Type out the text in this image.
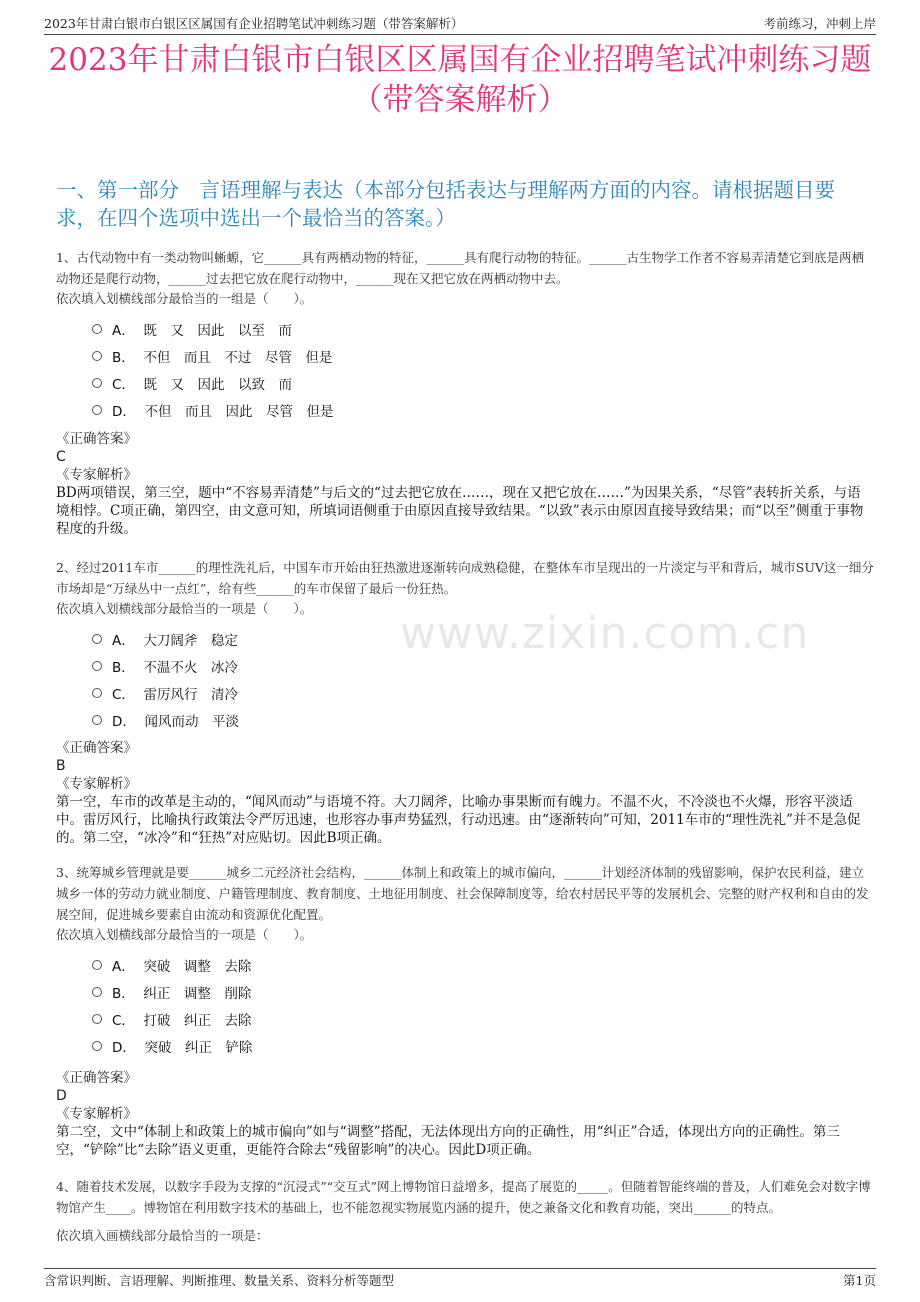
2023年甘肃白银市白银区区属国有企业招聘笔试冲刺练习题（带答案解析）	考前练习，冲刺上岸
2023年甘肃白银市白银区区属国有企业招聘笔试冲刺练习题
（带答案解析）
一、第一部分　言语理解与表达（本部分包括表达与理解两方面的内容。请根据题目要求，在四个选项中选出一个最恰当的答案。）
1、古代动物中有一类动物叫蜥螈，它______具有两栖动物的特征，______具有爬行动物的特征。______古生物学工作者不容易弄清楚它到底是两栖动物还是爬行动物，______过去把它放在爬行动物中，______现在又把它放在两栖动物中去。
依次填入划横线部分最恰当的一组是（　　）。
A．  既　又　因此　以至　而
B．  不但　而且　不过　尽管　但是
C．  既　又　因此　以致　而
D．  不但　而且　因此　尽管　但是
《正确答案》
C
《专家解析》
BD两项错误，第三空，题中“不容易弄清楚”与后文的“过去把它放在……，现在又把它放在……”为因果关系，“尽管”表转折关系，与语境相悖。C项正确，第四空，由文意可知，所填词语侧重于由原因直接导致结果。“以致”表示由原因直接导致结果；而“以至”侧重于事物程度的升级。
2、经过2011车市______的理性洗礼后，中国车市开始由狂热激进逐渐转向成熟稳健，在整体车市呈现出的一片淡定与平和背后，城市SUV这一细分市场却是“万绿丛中一点红”，给有些______的车市保留了最后一份狂热。
依次填入划横线部分最恰当的一项是（　　）。
A．  大刀阔斧　稳定
B．  不温不火　冰冷
C．  雷厉风行　清冷
D．  闻风而动　平淡
《正确答案》
B
《专家解析》
第一空，车市的改革是主动的，“闻风而动”与语境不符。大刀阔斧，比喻办事果断而有魄力。不温不火，不冷淡也不火爆，形容平淡适中。雷厉风行，比喻执行政策法令严厉迅速，也形容办事声势猛烈，行动迅速。由“逐渐转向”可知，2011车市的“理性洗礼”并不是急促的。第二空，“冰冷”和“狂热”对应贴切。因此B项正确。
3、统筹城乡管理就是要______城乡二元经济社会结构，______体制上和政策上的城市偏向，______计划经济体制的残留影响，保护农民利益，建立城乡一体的劳动力就业制度、户籍管理制度、教育制度、土地征用制度、社会保障制度等，给农村居民平等的发展机会、完整的财产权利和自由的发展空间，促进城乡要素自由流动和资源优化配置。
依次填入划横线部分最恰当的一项是（　　）。
A．  突破　调整　去除
B．  纠正　调整　削除
C．  打破　纠正　去除
D．  突破　纠正　铲除
《正确答案》
D
《专家解析》
第二空，文中“体制上和政策上的城市偏向”如与“调整”搭配，无法体现出方向的正确性，用“纠正”合适，体现出方向的正确性。第三空，“铲除”比“去除”语义更重，更能符合除去“残留影响”的决心。因此D项正确。
4、随着技术发展，以数字手段为支撑的“沉浸式”“交互式”网上博物馆日益增多，提高了展览的_____。但随着智能终端的普及，人们难免会对数字博物馆产生____。博物馆在利用数字技术的基础上，也不能忽视实物展览内涵的提升，使之兼备文化和教育功能，突出______的特点。
依次填入画横线部分最恰当的一项是：
www.zixin.com.cn
含常识判断、言语理解、判断推理、数量关系、资料分析等题型	第1页
